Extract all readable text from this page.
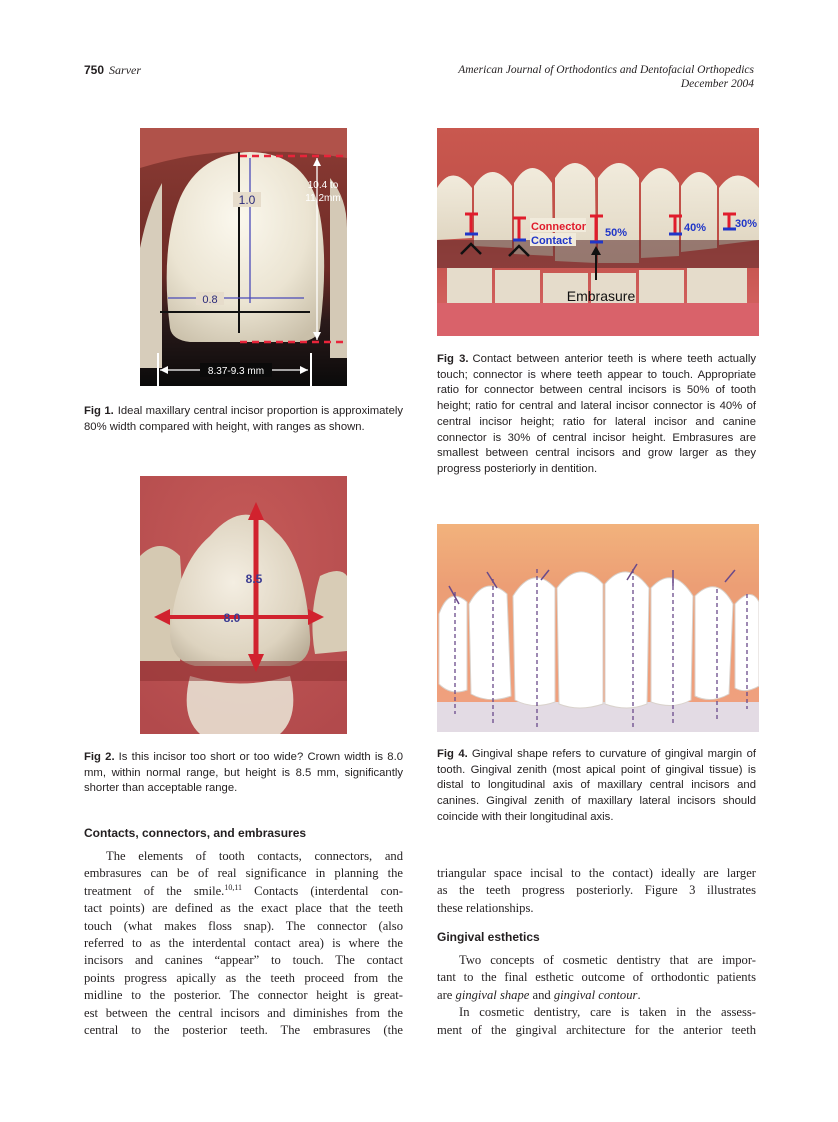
750 Sarver	American Journal of Orthodontics and Dentofacial Orthopedics
December 2004
1.0
10.4 to
11.2mm
0.8
8.37-9.3 mm
Fig 1. Ideal maxillary central incisor proportion is approximately 80% width compared with height, with ranges as shown.
8.5
8.0
Fig 2. Is this incisor too short or too wide? Crown width is 8.0 mm, within normal range, but height is 8.5 mm, significantly shorter than acceptable range.
Connector
Contact
50%	40%	30%
Embrasure
Fig 3. Contact between anterior teeth is where teeth actually touch; connector is where teeth appear to touch. Appropriate ratio for connector between central incisors is 50% of tooth height; ratio for central and lateral incisor connector is 40% of central incisor height; ratio for lateral incisor and canine connector is 30% of central incisor height. Embrasures are smallest between central incisors and grow larger as they progress posteriorly in dentition.
Fig 4. Gingival shape refers to curvature of gingival margin of tooth. Gingival zenith (most apical point of gingival tissue) is distal to longitudinal axis of maxillary central incisors and canines. Gingival zenith of maxillary lateral incisors should coincide with their longitudinal axis.
Contacts, connectors, and embrasures
The elements of tooth contacts, connectors, and
embrasures can be of real significance in planning the
treatment of the smile.$^{10,11}$ Contacts (interdental con-
tact points) are defined as the exact place that the teeth
touch (what makes floss snap). The connector (also
referred to as the interdental contact area) is where the
incisors and canines “appear” to touch. The contact
points progress apically as the teeth proceed from the
midline to the posterior. The connector height is great-
est between the central incisors and diminishes from the
central to the posterior teeth. The embrasures (the
triangular space incisal to the contact) ideally are larger
as the teeth progress posteriorly. Figure 3 illustrates
these relationships.
Gingival esthetics
Two concepts of cosmetic dentistry that are impor-
tant to the final esthetic outcome of orthodontic patients
are gingival shape and gingival contour.
In cosmetic dentistry, care is taken in the assess-
ment of the gingival architecture for the anterior teeth
